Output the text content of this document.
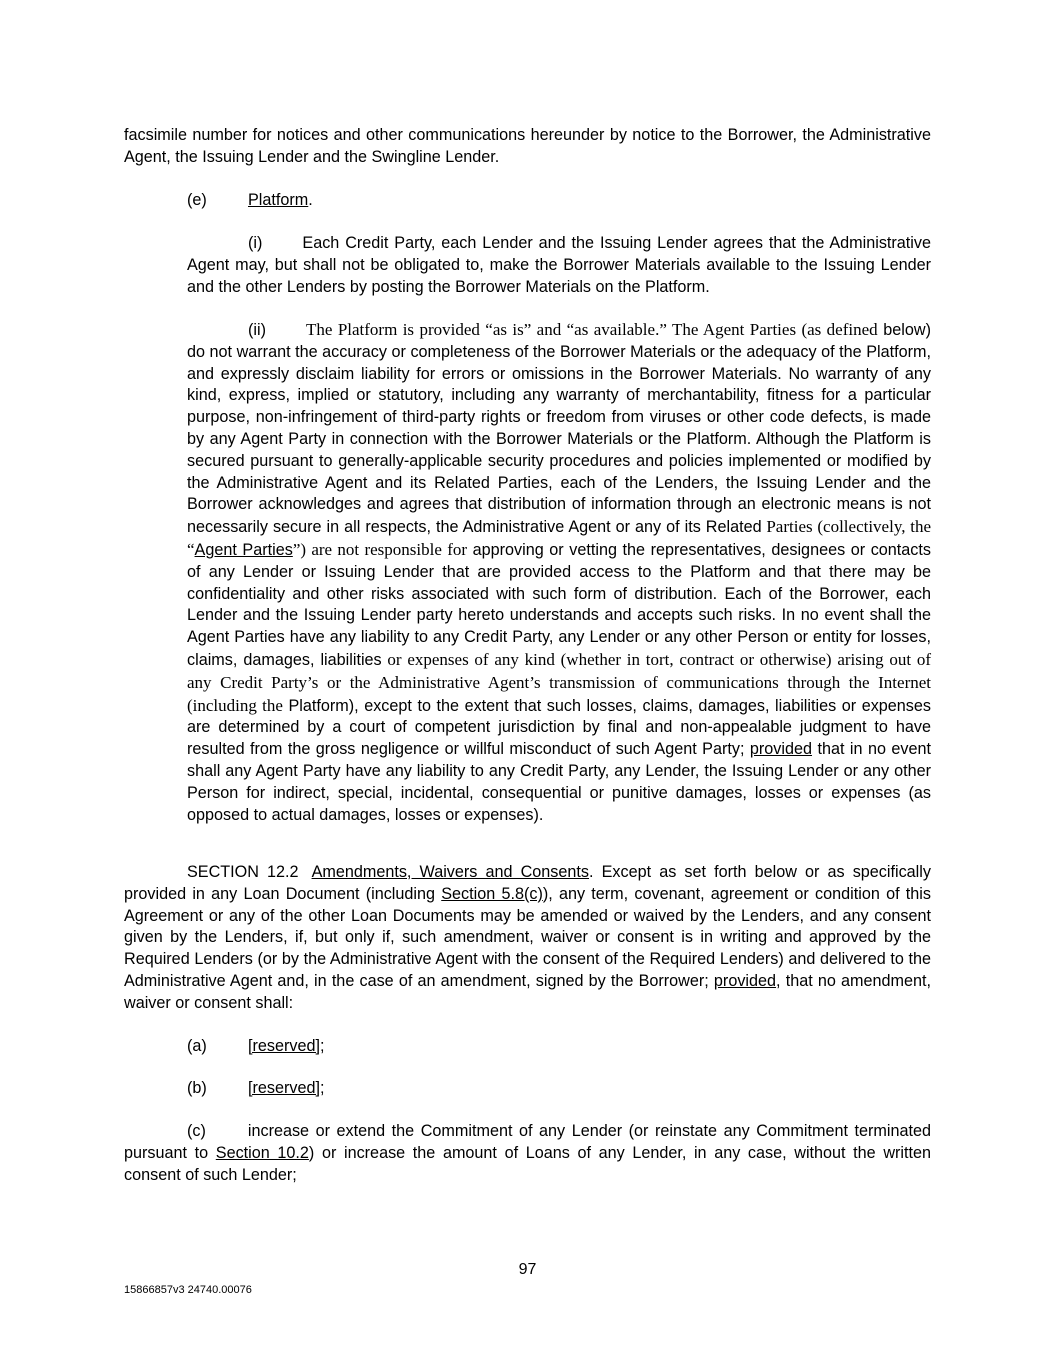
facsimile number for notices and other communications hereunder by notice to the Borrower, the Administrative Agent, the Issuing Lender and the Swingline Lender.
(e)	Platform.
(i) Each Credit Party, each Lender and the Issuing Lender agrees that the Administrative Agent may, but shall not be obligated to, make the Borrower Materials available to the Issuing Lender and the other Lenders by posting the Borrower Materials on the Platform.
(ii) The Platform is provided “as is” and “as available.” The Agent Parties (as defined below) do not warrant the accuracy or completeness of the Borrower Materials or the adequacy of the Platform, and expressly disclaim liability for errors or omissions in the Borrower Materials. No warranty of any kind, express, implied or statutory, including any warranty of merchantability, fitness for a particular purpose, non-infringement of third-party rights or freedom from viruses or other code defects, is made by any Agent Party in connection with the Borrower Materials or the Platform. Although the Platform is secured pursuant to generally-applicable security procedures and policies implemented or modified by the Administrative Agent and its Related Parties, each of the Lenders, the Issuing Lender and the Borrower acknowledges and agrees that distribution of information through an electronic means is not necessarily secure in all respects, the Administrative Agent or any of its Related Parties (collectively, the “Agent Parties”) are not responsible for approving or vetting the representatives, designees or contacts of any Lender or Issuing Lender that are provided access to the Platform and that there may be confidentiality and other risks associated with such form of distribution. Each of the Borrower, each Lender and the Issuing Lender party hereto understands and accepts such risks. In no event shall the Agent Parties have any liability to any Credit Party, any Lender or any other Person or entity for losses, claims, damages, liabilities or expenses of any kind (whether in tort, contract or otherwise) arising out of any Credit Party’s or the Administrative Agent’s transmission of communications through the Internet (including the Platform), except to the extent that such losses, claims, damages, liabilities or expenses are determined by a court of competent jurisdiction by final and non-appealable judgment to have resulted from the gross negligence or willful misconduct of such Agent Party; provided that in no event shall any Agent Party have any liability to any Credit Party, any Lender, the Issuing Lender or any other Person for indirect, special, incidental, consequential or punitive damages, losses or expenses (as opposed to actual damages, losses or expenses).
SECTION 12.2 Amendments, Waivers and Consents. Except as set forth below or as specifically provided in any Loan Document (including Section 5.8(c)), any term, covenant, agreement or condition of this Agreement or any of the other Loan Documents may be amended or waived by the Lenders, and any consent given by the Lenders, if, but only if, such amendment, waiver or consent is in writing and approved by the Required Lenders (or by the Administrative Agent with the consent of the Required Lenders) and delivered to the Administrative Agent and, in the case of an amendment, signed by the Borrower; provided, that no amendment, waiver or consent shall:
(a)	[reserved];
(b)	[reserved];
(c)	increase or extend the Commitment of any Lender (or reinstate any Commitment terminated pursuant to Section 10.2) or increase the amount of Loans of any Lender, in any case, without the written consent of such Lender;
97
15866857v3 24740.00076
